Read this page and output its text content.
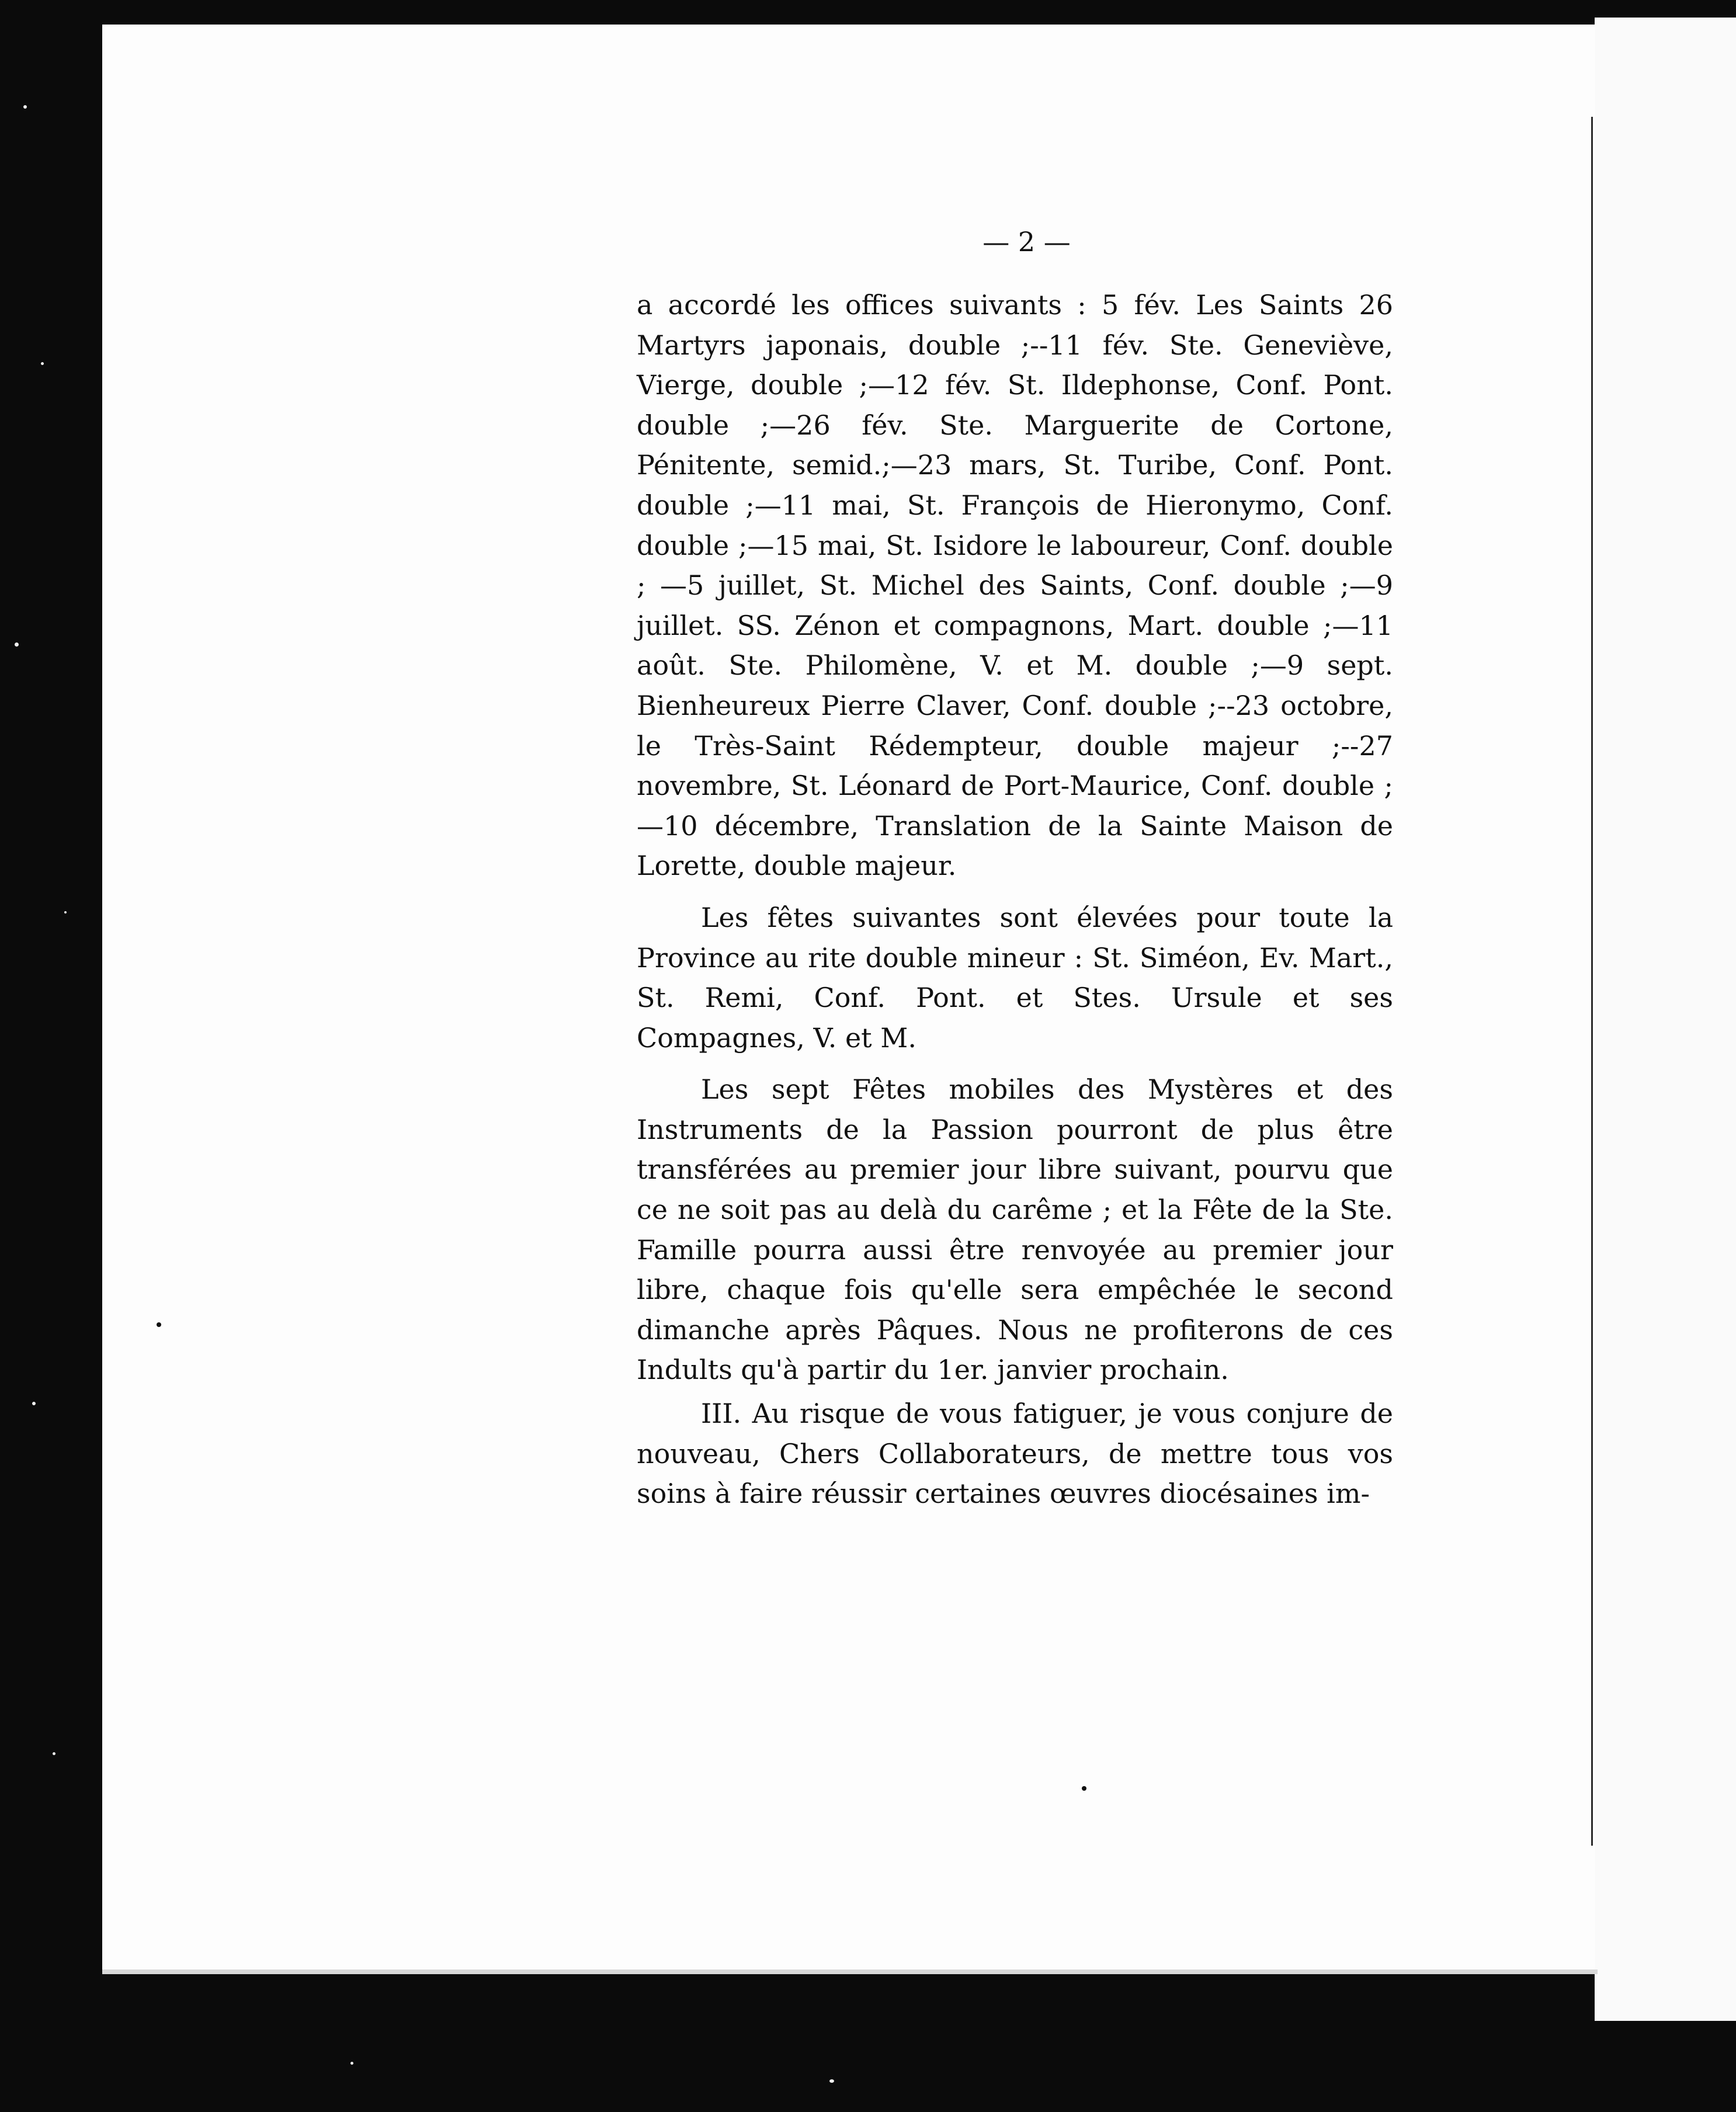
— 2 —

a accordé les offices suivants : 5 fév. Les Saints 26 Martyrs japonais, double ;--11 fév. Ste. Geneviève, Vierge, double ;—12 fév. St. Ildephonse, Conf. Pont. double ;—26 fév. Ste. Marguerite de Cortone, Pénitente, semid.;—23 mars, St. Turibe, Conf. Pont. double ;—11 mai, St. François de Hieronymo, Conf. double ;—15 mai, St. Isidore le laboureur, Conf. double ; —5 juillet, St. Michel des Saints, Conf. double ;—9 juillet. SS. Zénon et compagnons, Mart. double ;—11 août. Ste. Philomène, V. et M. double ;—9 sept. Bienheureux Pierre Claver, Conf. double ;--23 octobre, le Très-Saint Rédempteur, double majeur ;--27 novembre, St. Léonard de Port-Maurice, Conf. double ;—10 décembre, Translation de la Sainte Maison de Lorette, double majeur.

Les fêtes suivantes sont élevées pour toute la Province au rite double mineur : St. Siméon, Ev. Mart., St. Remi, Conf. Pont. et Stes. Ursule et ses Compagnes, V. et M.

Les sept Fêtes mobiles des Mystères et des Instruments de la Passion pourront de plus être transférées au premier jour libre suivant, pourvu que ce ne soit pas au delà du carême ; et la Fête de la Ste. Famille pourra aussi être renvoyée au premier jour libre, chaque fois qu'elle sera empêchée le second dimanche après Pâques. Nous ne profiterons de ces Indults qu'à partir du 1er. janvier prochain.

III. Au risque de vous fatiguer, je vous conjure de nouveau, Chers Collaborateurs, de mettre tous vos soins à faire réussir certaines œuvres diocésaines im-
